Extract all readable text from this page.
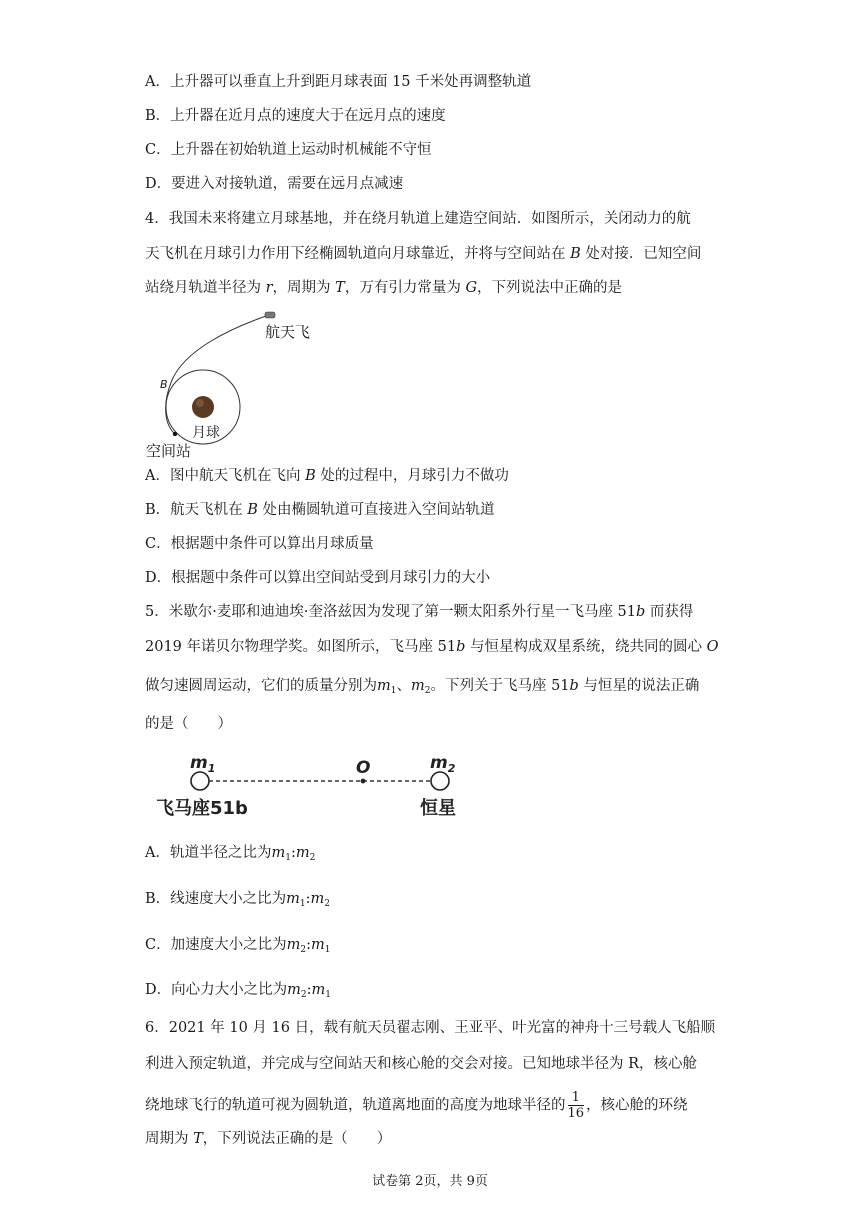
A．上升器可以垂直上升到距月球表面 15 千米处再调整轨道
B．上升器在近月点的速度大于在远月点的速度
C．上升器在初始轨道上运动时机械能不守恒
D．要进入对接轨道，需要在远月点减速
4．我国未来将建立月球基地，并在绕月轨道上建造空间站．如图所示，关闭动力的航
天飞机在月球引力作用下经椭圆轨道向月球靠近，并将与空间站在 B 处对接．已知空间
站绕月轨道半径为 r，周期为 T，万有引力常量为 G，下列说法中正确的是
航天飞
B
月球
空间站
A．图中航天飞机在飞向 B 处的过程中，月球引力不做功
B．航天飞机在 B 处由椭圆轨道可直接进入空间站轨道
C．根据题中条件可以算出月球质量
D．根据题中条件可以算出空间站受到月球引力的大小
5．米歇尔·麦耶和迪迪埃·奎洛兹因为发现了第一颗太阳系外行星一飞马座 51b 而获得
2019 年诺贝尔物理学奖。如图所示，飞马座 51b 与恒星构成双星系统，绕共同的圆心 O
做匀速圆周运动，它们的质量分别为$m_1$、$m_2$。下列关于飞马座 51b 与恒星的说法正确
的是（　　）
$m_1$	$m_2$
O
飞马座51b	恒星
A．轨道半径之比为$m_1:m_2$
B．线速度大小之比为$m_1:m_2$
C．加速度大小之比为$m_2:m_1$
D．向心力大小之比为$m_2:m_1$
6．2021 年 10 月 16 日，载有航天员翟志刚、王亚平、叶光富的神舟十三号载人飞船顺
利进入预定轨道，并完成与空间站天和核心舱的交会对接。已知地球半径为 R，核心舱
绕地球飞行的轨道可视为圆轨道，轨道离地面的高度为地球半径的 $\frac{1}{16}$ ，核心舱的环绕
周期为 T，下列说法正确的是（　　）
试卷第 2页，共 9页
